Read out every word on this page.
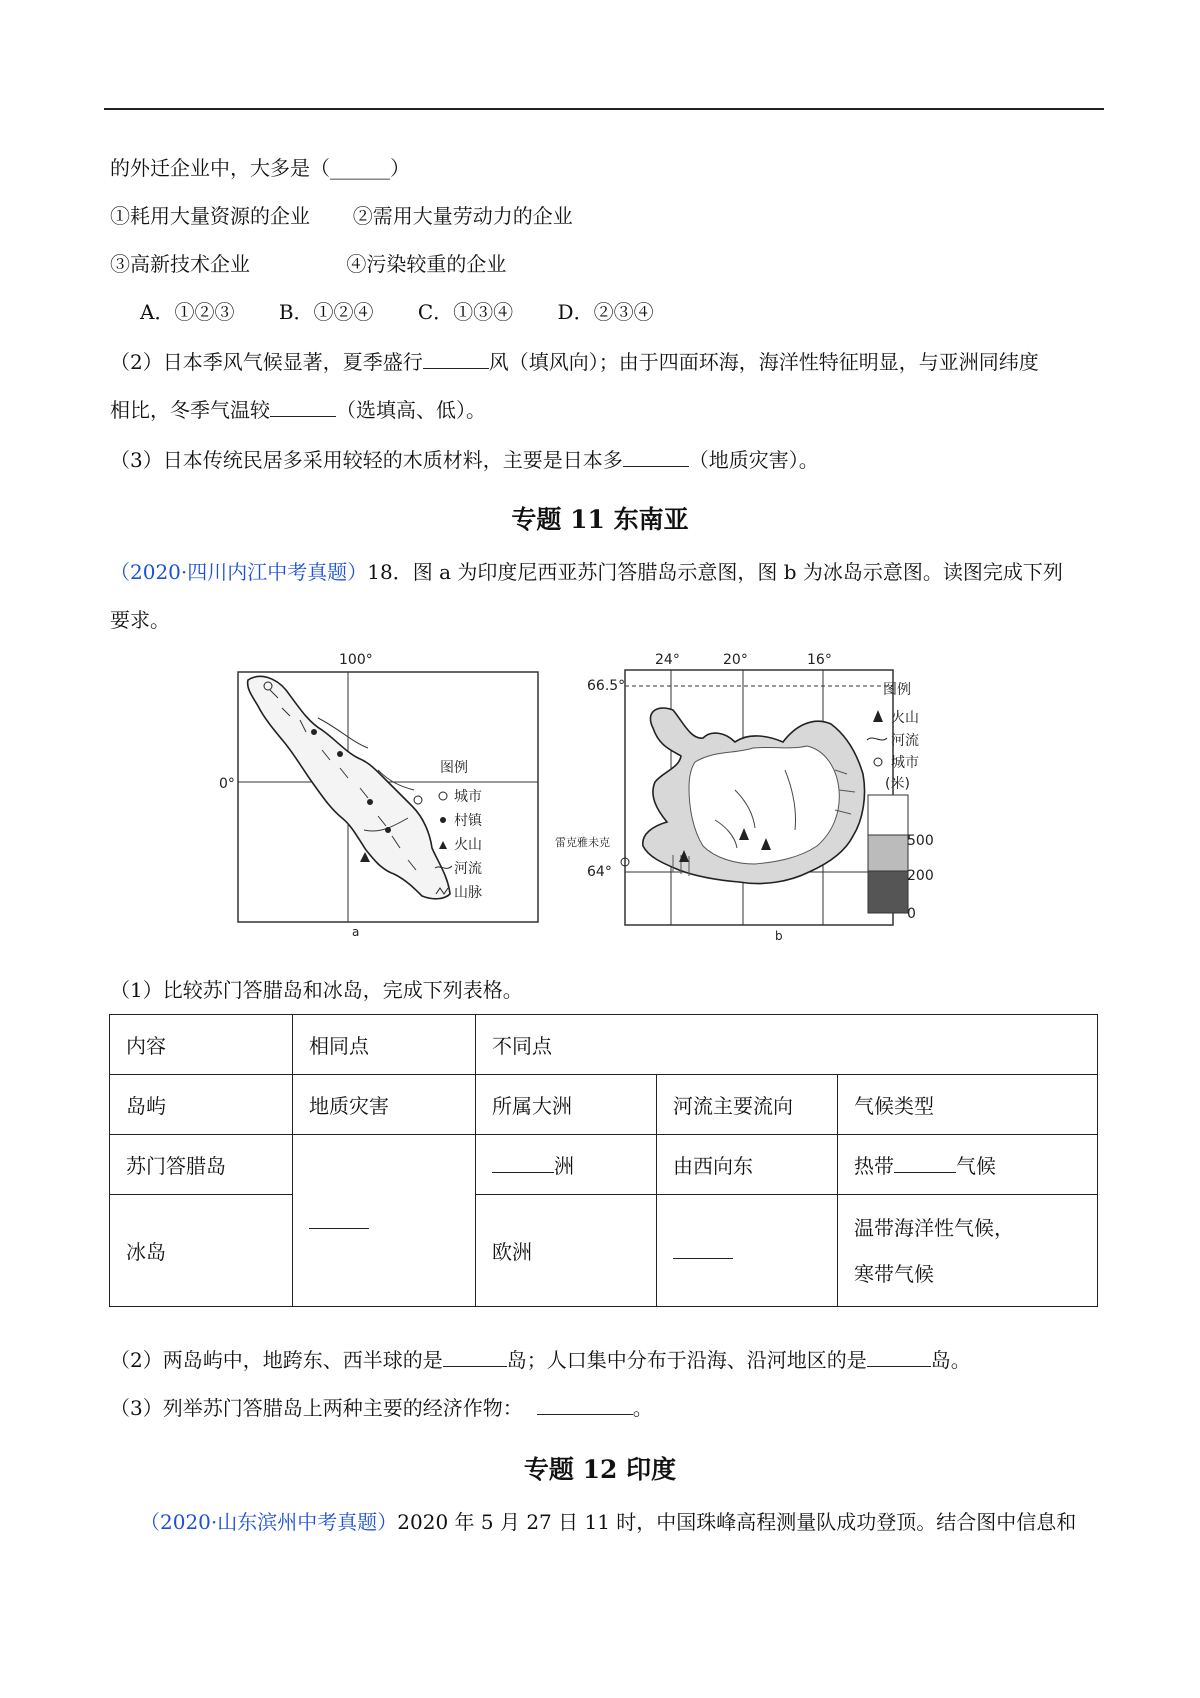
的外迁企业中，大多是（______）
①耗用大量资源的企业 ②需用大量劳动力的企业
③高新技术企业	④污染较重的企业
A．①②③ B．①②④ C．①③④ D．②③④
（2）日本季风气候显著，夏季盛行	风（填风向）；由于四面环海，海洋性特征明显，与亚洲同纬度
相比，冬季气温较	（选填高、低）。
（3）日本传统民居多采用较轻的木质材料，主要是日本多	（地质灾害）。
专题 11 东南亚
（2020·四川内江中考真题）18．图 a 为印度尼西亚苏门答腊岛示意图，图 b 为冰岛示意图。读图完成下列
要求。
100°
0°
a
图例
城市
村镇
火山
河流
山脉
24°	20°	16°
66.5°
64°
b
雷克雅未克
图例
火山
河流
城市
(米)
500
200
0
（1）比较苏门答腊岛和冰岛，完成下列表格。
内容	相同点	不同点		
岛屿	地质灾害	所属大洲	河流主要流向	气候类型
苏门答腊岛		洲	由西向东	热带 气候
冰岛		欧洲		温带海洋性气候，
寒带气候
（2）两岛屿中，地跨东、西半球的是	岛；人口集中分布于沿海、沿河地区的是	岛。
（3）列举苏门答腊岛上两种主要的经济作物：	。
专题 12 印度
（2020·山东滨州中考真题）2020 年 5 月 27 日 11 时，中国珠峰高程测量队成功登顶。结合图中信息和
